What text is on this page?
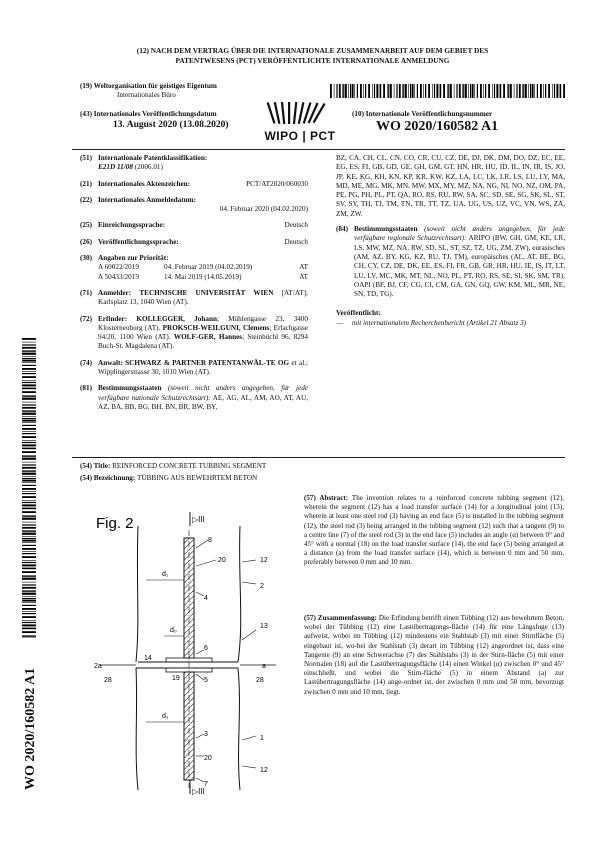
(12) NACH DEM VERTRAG ÜBER DIE INTERNATIONALE ZUSAMMENARBEIT AUF DEM GEBIET DES
PATENTWESENS (PCT) VERÖFFENTLICHTE INTERNATIONALE ANMELDUNG
(19) Weltorganisation für geistiges Eigentum
Internationales Büro
WIPO | PCT
(43) Internationales Veröffentlichungsdatum
13. August 2020 (13.08.2020)
(10) Internationale Veröffentlichungsnummer
WO 2020/160582 A1
(51) Internationale Patentklassifikation:
E21D 11/08 (2006.01)
(21) Internationales Aktenzeichen:	PCT/AT2020/060030
(22) Internationales Anmeldedatum:
04. Februar 2020 (04.02.2020)
(25) Einreichungssprache:	Deutsch
(26) Veröffentlichungssprache:	Deutsch
(30) Angaben zur Priorität:
A 60022/2019	04. Februar 2019 (04.02.2019)	AT
A 50433/2019	14. Mai 2019 (14.05.2019)	AT
(71) Anmelder: TECHNISCHE UNIVERSITÄT WIEN [AT/AT]; Karlsplatz 13, 1040 Wien (AT).
(72) Erfinder: KOLLEGGER, Johann; Mühlengasse 23, 3400 Klosterneuburg (AT). PROKSCH-WEILGUNI, Clemens; Erlachgasse 94/20, 1100 Wien (AT). WOLF-GER, Hannes; Steinbüchl 96, 8294 Buch-St. Magdalena (AT).
(74) Anwalt: SCHWARZ & PARTNER PATENTANWÄL-TE OG et al.; Wipplingerstrasse 30, 1010 Wien (AT).
(81) Bestimmungsstaaten (soweit nicht anders angegeben, für jede verfügbare nationale Schutzrechtsart): AE, AG, AL, AM, AO, AT, AU, AZ, BA, BB, BG, BH, BN, BR, BW, BY,
BZ, CA, CH, CL, CN, CO, CR, CU, CZ, DE, DJ, DK, DM, DO, DZ, EC, EE, EG, ES, FI, GB, GD, GE, GH, GM, GT, HN, HR, HU, ID, IL, IN, IR, IS, JO, JP, KE, KG, KH, KN, KP, KR, KW, KZ, LA, LC, LK, LR, LS, LU, LY, MA, MD, ME, MG, MK, MN, MW, MX, MY, MZ, NA, NG, NI, NO, NZ, OM, PA, PE, PG, PH, PL, PT, QA, RO, RS, RU, RW, SA, SC, SD, SE, SG, SK, SL, ST, SV, SY, TH, TJ, TM, TN, TR, TT, TZ, UA, UG, US, UZ, VC, VN, WS, ZA, ZM, ZW.
(84) Bestimmungsstaaten (soweit nicht anders angegeben, für jede verfügbare regionale Schutzrechtsart): ARIPO (BW, GH, GM, KE, LR, LS, MW, MZ, NA, RW, SD, SL, ST, SZ, TZ, UG, ZM, ZW), eurasisches (AM, AZ, BY, KG, KZ, RU, TJ, TM), europäisches (AL, AT, BE, BG, CH, CY, CZ, DE, DK, EE, ES, FI, FR, GB, GR, HR, HU, IE, IS, IT, LT, LU, LV, MC, MK, MT, NL, NO, PL, PT, RO, RS, SE, SI, SK, SM, TR), OAPI (BF, BJ, CF, CG, CI, CM, GA, GN, GQ, GW, KM, ML, MR, NE, SN, TD, TG).
Veröffentlicht:
—	mit internationalem Recherchenbericht (Artikel 21 Absatz 3)
(54) Title: REINFORCED CONCRETE TUBBING SEGMENT
(54) Bezeichnung: TÜBBING AUS BEWEHRTEM BETON
(57) Abstract: The invention relates to a reinforced concrete tubbing segment (12), wherein the segment (12) has a load transfer surface (14) for a longitudinal joint (13), wherein at least one steel rod (3) having an end face (5) is installed in the tubbing segment (12), the steel rod (3) being arranged in the tubbing segment (12) such that a tangent (9) to a centre line (7) of the steel rod (3) in the end face (5) includes an angle (α) between 0° and 45° with a normal (18) on the load transfer surface (14), the end face (5) being arranged at a distance (a) from the load transfer surface (14), which is between 0 mm and 50 mm, preferably between 0 mm and 10 mm.
(57) Zusammenfassung: Die Erfindung betrifft einen Tübbing (12) aus bewehrtem Beton, wobei der Tübbing (12) eine Lastübertragungs-fläche (14) für eine Längsfuge (13) aufweist, wobei im Tübbing (12) mindestens ein Stahlstab (3) mit einer Stirnfläche (5) eingebaut ist, wo-bei der Stahlstab (3) derart im Tübbing (12) angeordnet ist, dass eine Tangente (9) an eine Schwerachse (7) des Stahlstabs (3) in der Stirn-fläche (5) mit einer Normalen (18) auf die Lastübertragungsfläche (14) einen Winkel (α) zwischen 0° und 45° einschließt, und wobei die Stirn-fläche (5) in einem Abstand (a) zur Lastübertragungsfläche (14) ange-ordnet ist, der zwischen 0 mm und 50 mm, bevorzugt zwischen 0 mm und 10 mm, liegt.
Fig. 2	▷III
▷III
8
20	12
d₁
2
4
d₀
13
6
14
2a
19	5
a
28	28
d₁
3
1
20
12
7
WO 2020/160582 A1
